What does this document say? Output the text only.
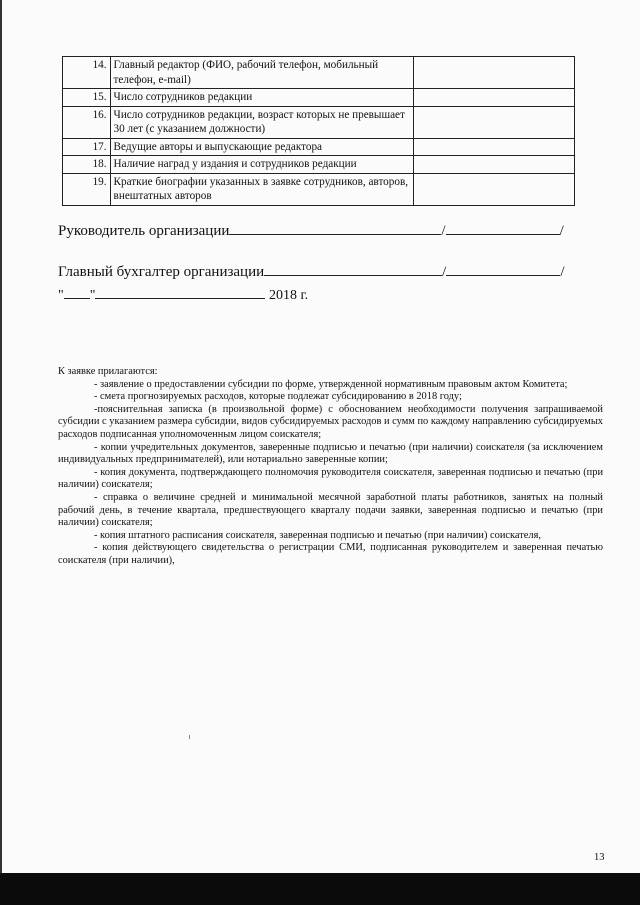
14.	Главный редактор (ФИО, рабочий телефон, мобильный телефон, e-mail)	
15.	Число сотрудников редакции	
16.	Число сотрудников редакции, возраст которых не превышает 30 лет (с указанием должности)	
17.	Ведущие авторы и выпускающие редактора	
18.	Наличие наград у издания и сотрудников редакции	
19.	Краткие биографии указанных в заявке сотрудников, авторов, внештатных авторов	
Руководитель организации	/	/
Главный бухгалтер организации	/	/
" "	2018 г.

К заявке прилагаются:

- заявление о предоставлении субсидии по форме, утвержденной нормативным правовым актом Комитета;

- смета прогнозируемых расходов, которые подлежат субсидированию в 2018 году;

-пояснительная записка (в произвольной форме) с обоснованием необходимости получения запрашиваемой субсидии с указанием размера субсидии, видов субсидируемых расходов и сумм по каждому направлению субсидируемых расходов подписанная уполномоченным лицом соискателя;

- копии учредительных документов, заверенные подписью и печатью (при наличии) соискателя (за исключением индивидуальных предпринимателей), или нотариально заверенные копии;

- копия документа, подтверждающего полномочия руководителя соискателя, заверенная подписью и печатью (при наличии) соискателя;

- справка о величине средней и минимальной месячной заработной платы работников, занятых на полный рабочий день, в течение квартала, предшествующего кварталу подачи заявки, заверенная подписью и печатью (при наличии) соискателя;

- копия штатного расписания соискателя, заверенная подписью и печатью (при наличии) соискателя,

- копия действующего свидетельства о регистрации СМИ, подписанная руководителем и заверенная печатью соискателя (при наличии),

13
